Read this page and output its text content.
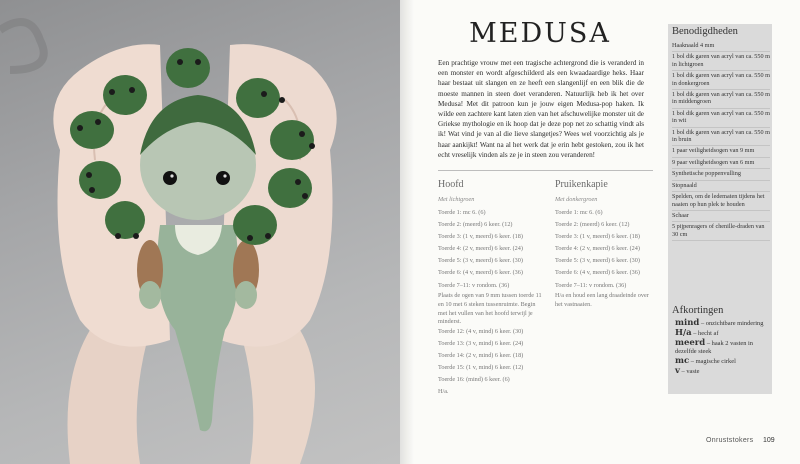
MEDUSA
Een prachtige vrouw met een tragische achtergrond die is veranderd in een monster en wordt afgeschilderd als een kwaadaardige heks. Haar haar bestaat uit slangen en ze heeft een slangenlijf en een blik die de moeste mannen in steen doet veranderen. Natuurlijk heb ik het over Medusa! Met dit patroon kun je jouw eigen Medusa-pop haken. Ik wilde een zachtere kant laten zien van het afschuwelijke monster uit de Griekse mythologie en ik hoop dat je deze pop net zo schattig vindt als ik! Wat vind je van al die lieve slangetjes? Wees wel voorzichtig als je haar aankijkt! Want na al het werk dat je erin hebt gestoken, zou ik het echt vreselijk vinden als ze je in steen zou veranderen!
Hoofd
Met lichtgroen
Toerde 1: mc 6. (6)
Toerde 2: (meerd) 6 keer. (12)
Toerde 3: (1 v, meerd) 6 keer. (18)
Toerde 4: (2 v, meerd) 6 keer. (24)
Toerde 5: (3 v, meerd) 6 keer. (30)
Toerde 6: (4 v, meerd) 6 keer. (36)
Toerde 7–11: v rondom. (36)
Plaats de ogen van 9 mm tussen toerde 11 en 10 met 6 steken tussenruimte. Begin met het vullen van het hoofd terwijl je minderst.
Toerde 12: (4 v, mind) 6 keer. (30)
Toerde 13: (3 v, mind) 6 keer. (24)
Toerde 14: (2 v, mind) 6 keer. (18)
Toerde 15: (1 v, mind) 6 keer. (12)
Toerde 16: (mind) 6 keer. (6)
H/a.
Pruikenkapie
Met donkergroen
Toerde 1: mc 6. (6)
Toerde 2: (meerd) 6 keer. (12)
Toerde 3: (1 v, meerd) 6 keer. (18)
Toerde 4: (2 v, meerd) 6 keer. (24)
Toerde 5: (3 v, meerd) 6 keer. (30)
Toerde 6: (4 v, meerd) 6 keer. (36)
Toerde 7–11: v rondom. (36)
H/a en houd een lang draadeinde over het vastnaaien.
Benodigdheden
Haaknaald 4 mm
1 bol dik garen van acryl van ca. 550 m in lichtgroen
1 bol dik garen van acryl van ca. 550 m in donkergroen
1 bol dik garen van acryl van ca. 550 m in middengroen
1 bol dik garen van acryl van ca. 550 m in wit
1 bol dik garen van acryl van ca. 550 m in bruin
1 paar veiligheidsogen van 9 mm
9 paar veiligheidsogen van 6 mm
Synthetische poppenvulling
Stopnaald
Spelden, om de ledematen tijdens het naaien op hun plek te houden
Schaar
5 pijpenragers of chenille-draden van 30 cm
Afkortingen
mind – onzichtbare mindering
H/a – hecht af
meerd – haak 2 vasten in dezelfde steek
mc – magische cirkel
v – vaste
Onruststokers 109
